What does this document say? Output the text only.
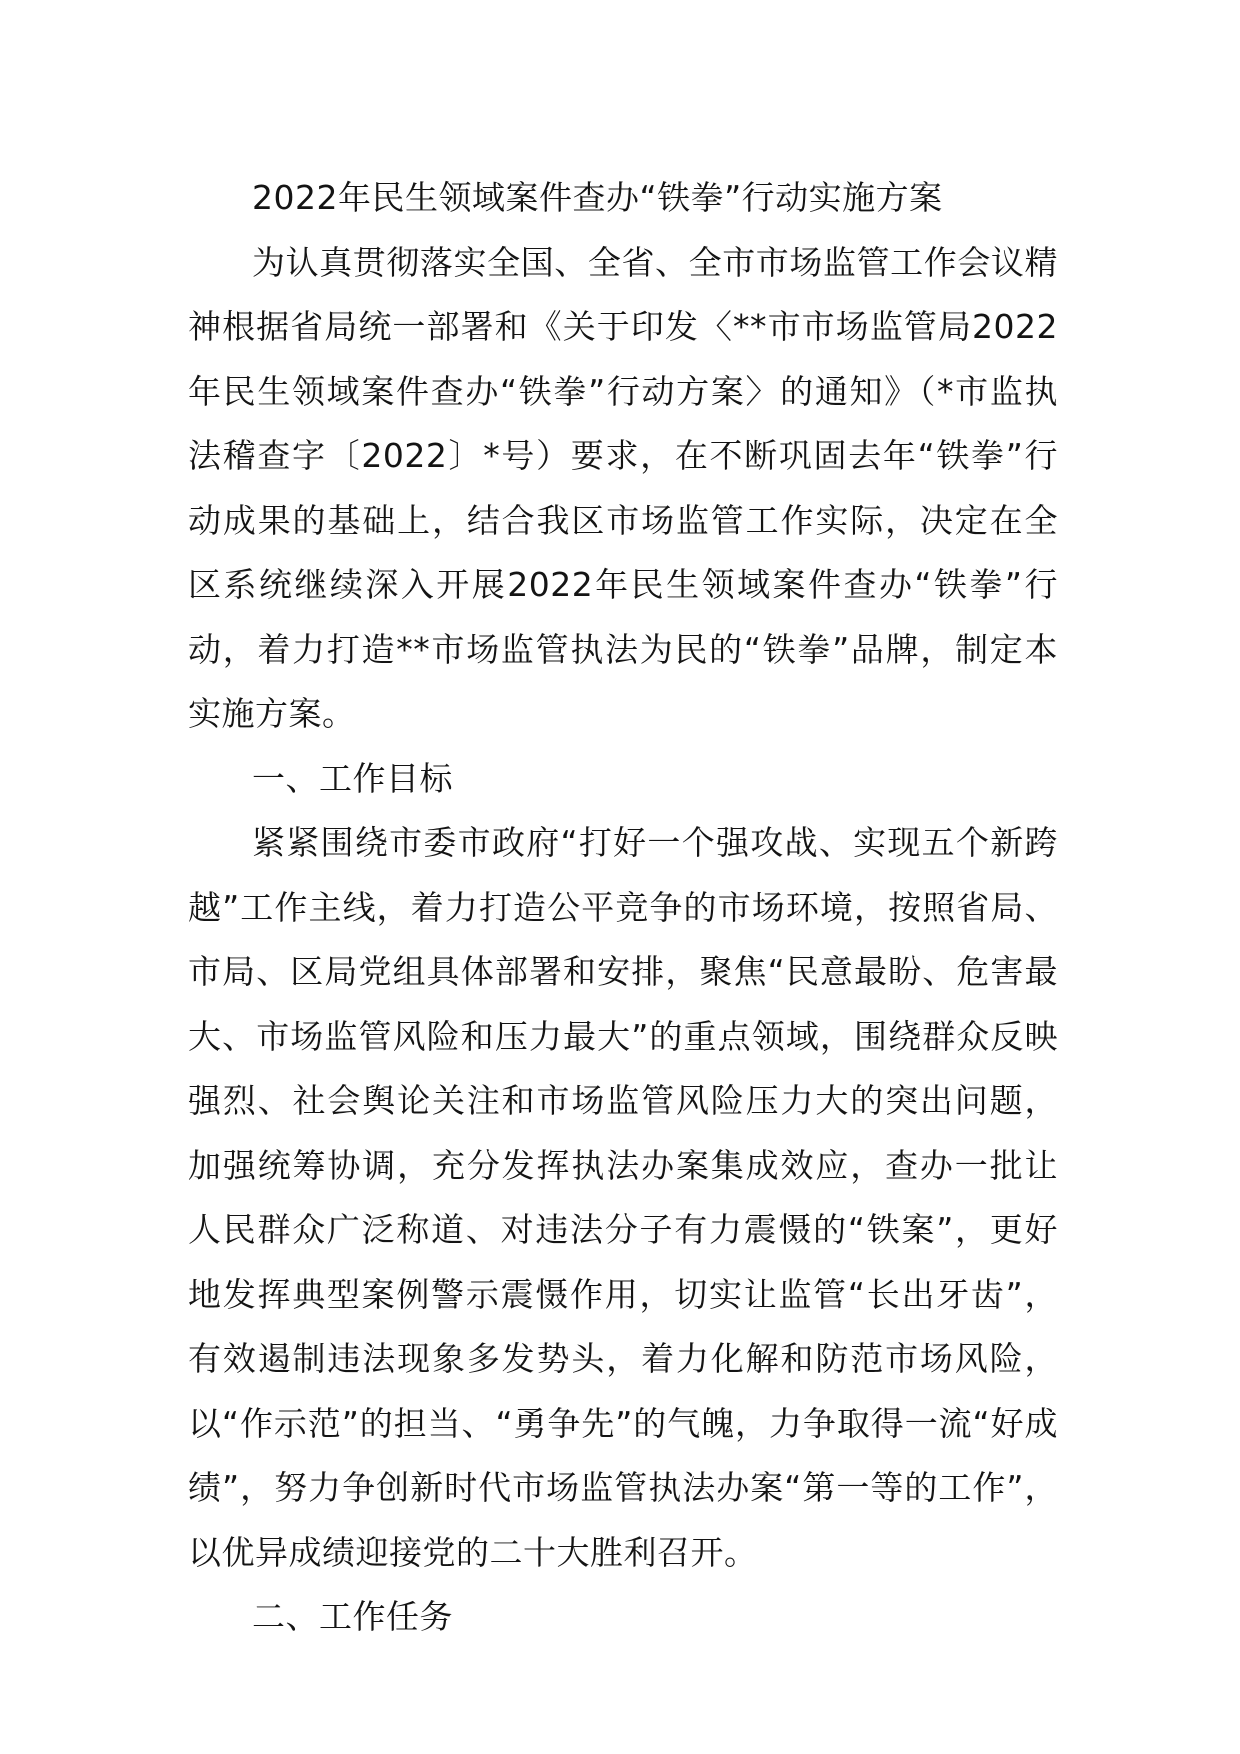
2022年民生领域案件查办“铁拳”行动实施方案

为认真贯彻落实全国、全省、全市市场监管工作会议精神根据省局统一部署和《关于印发〈**市市场监管局2022年民生领域案件查办“铁拳”行动方案〉的通知》（*市监执法稽查字〔2022〕*号）要求，在不断巩固去年“铁拳”行动成果的基础上，结合我区市场监管工作实际，决定在全区系统继续深入开展2022年民生领域案件查办“铁拳”行动，着力打造**市场监管执法为民的“铁拳”品牌，制定本实施方案。

一、工作目标

紧紧围绕市委市政府“打好一个强攻战、实现五个新跨越”工作主线，着力打造公平竞争的市场环境，按照省局、市局、区局党组具体部署和安排，聚焦“民意最盼、危害最大、市场监管风险和压力最大”的重点领域，围绕群众反映强烈、社会舆论关注和市场监管风险压力大的突出问题，加强统筹协调，充分发挥执法办案集成效应，查办一批让人民群众广泛称道、对违法分子有力震慑的“铁案”，更好地发挥典型案例警示震慑作用，切实让监管“长出牙齿”，有效遏制违法现象多发势头，着力化解和防范市场风险，以“作示范”的担当、“勇争先”的气魄，力争取得一流“好成绩”，努力争创新时代市场监管执法办案“第一等的工作”，以优异成绩迎接党的二十大胜利召开。

二、工作任务
